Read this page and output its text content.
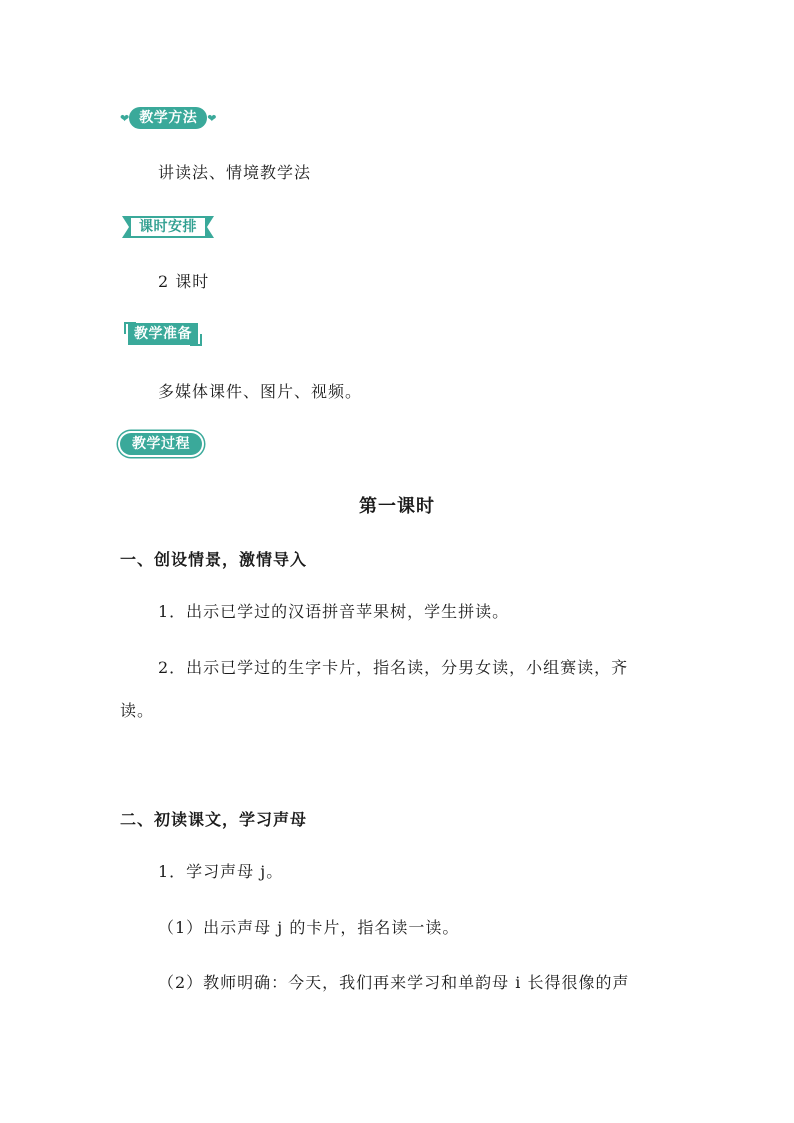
❤ 教学方法 ❤
讲读法、情境教学法
课时安排
2 课时
教学准备
多媒体课件、图片、视频。
教学过程
第一课时
一、创设情景，激情导入
1．出示已学过的汉语拼音苹果树，学生拼读。
2．出示已学过的生字卡片，指名读，分男女读，小组赛读，齐
读。
二、初读课文，学习声母
1．学习声母 j。
（1）出示声母 j 的卡片，指名读一读。
（2）教师明确：今天，我们再来学习和单韵母 i 长得很像的声
